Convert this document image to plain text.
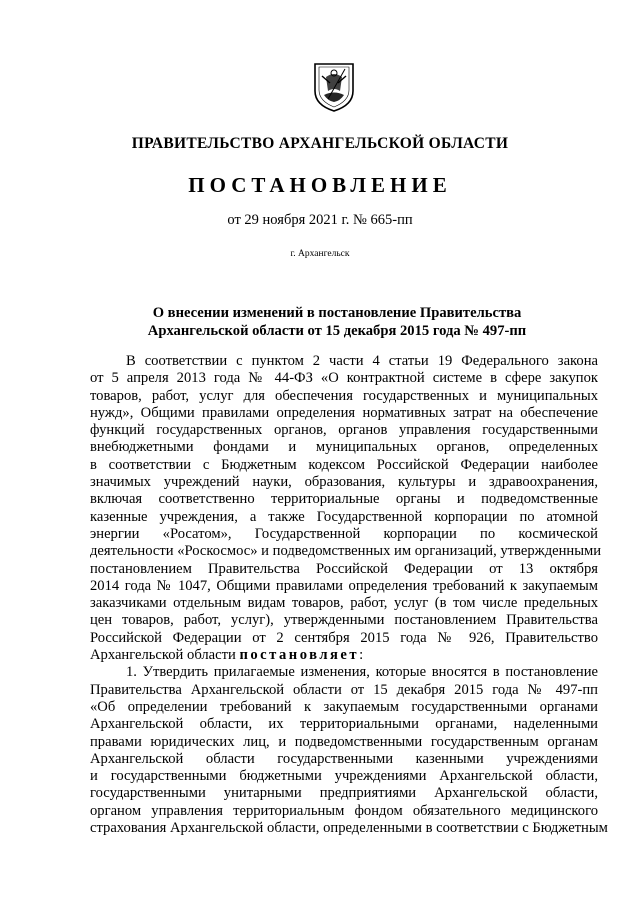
ПРАВИТЕЛЬСТВО АРХАНГЕЛЬСКОЙ ОБЛАСТИ
ПОСТАНОВЛЕНИЕ
от 29 ноября 2021 г. № 665-пп
г. Архангельск
О внесении изменений в постановление Правительства
Архангельской области от 15 декабря 2015 года № 497-пп
В соответствии с пунктом 2 части 4 статьи 19 Федерального закона
от 5 апреля 2013 года № 44-ФЗ «О контрактной системе в сфере закупок
товаров, работ, услуг для обеспечения государственных и муниципальных
нужд», Общими правилами определения нормативных затрат на обеспечение
функций государственных органов, органов управления государственными
внебюджетными фондами и муниципальных органов, определенных
в соответствии с Бюджетным кодексом Российской Федерации наиболее
значимых учреждений науки, образования, культуры и здравоохранения,
включая соответственно территориальные органы и подведомственные
казенные учреждения, а также Государственной корпорации по атомной
энергии «Росатом», Государственной корпорации по космической
деятельности «Роскосмос» и подведомственных им организаций, утвержденными
постановлением Правительства Российской Федерации от 13 октября
2014 года № 1047, Общими правилами определения требований к закупаемым
заказчиками отдельным видам товаров, работ, услуг (в том числе предельных
цен товаров, работ, услуг), утвержденными постановлением Правительства
Российской Федерации от 2 сентября 2015 года № 926, Правительство
Архангельской области постановляет:
1. Утвердить прилагаемые изменения, которые вносятся в постановление
Правительства Архангельской области от 15 декабря 2015 года № 497-пп
«Об определении требований к закупаемым государственными органами
Архангельской области, их территориальными органами, наделенными
правами юридических лиц, и подведомственными государственным органам
Архангельской области государственными казенными учреждениями
и государственными бюджетными учреждениями Архангельской области,
государственными унитарными предприятиями Архангельской области,
органом управления территориальным фондом обязательного медицинского
страхования Архангельской области, определенными в соответствии с Бюджетным
